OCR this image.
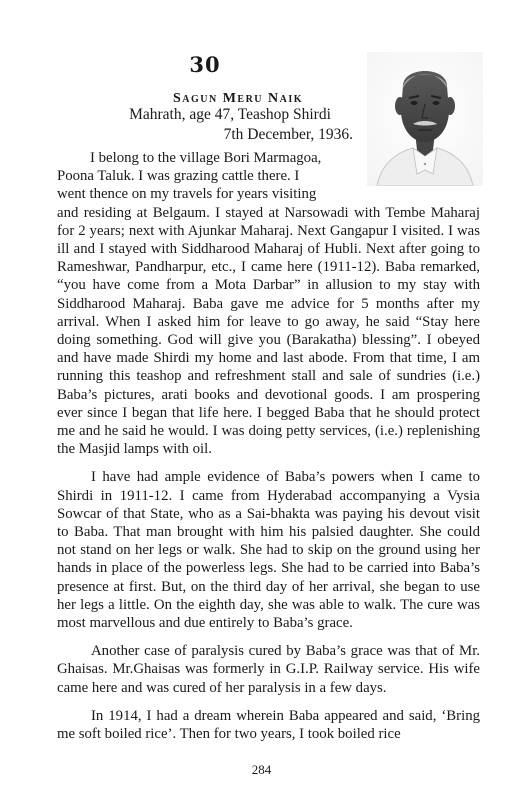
30
Sagun Meru Naik
Mahrath, age 47, Teashop Shirdi
7th December, 1936.

I belong to the village Bori Marmagoa,
Poona Taluk. I was grazing cattle there. I
went thence on my travels for years visiting

and residing at Belgaum. I stayed at Narsowadi with Tembe Maharaj for 2 years; next with Ajunkar Maharaj. Next Gangapur I visited. I was ill and I stayed with Siddharood Maharaj of Hubli. Next after going to Rameshwar, Pandharpur, etc., I came here (1911-12). Baba remarked, “you have come from a Mota Darbar” in allusion to my stay with Siddharood Maharaj. Baba gave me advice for 5 months after my arrival. When I asked him for leave to go away, he said “Stay here doing something. God will give you (Barakatha) blessing”. I obeyed and have made Shirdi my home and last abode. From that time, I am running this teashop and refreshment stall and sale of sundries (i.e.) Baba’s pictures, arati books and devotional goods. I am prospering ever since I began that life here. I begged Baba that he should protect me and he said he would. I was doing petty services, (i.e.) replenishing the Masjid lamps with oil.

I have had ample evidence of Baba’s powers when I came to Shirdi in 1911-12. I came from Hyderabad accompanying a Vysia Sowcar of that State, who as a Sai-bhakta was paying his devout visit to Baba. That man brought with him his palsied daughter. She could not stand on her legs or walk. She had to skip on the ground using her hands in place of the powerless legs. She had to be carried into Baba’s presence at first. But, on the third day of her arrival, she began to use her legs a little. On the eighth day, she was able to walk. The cure was most marvellous and due entirely to Baba’s grace.

Another case of paralysis cured by Baba’s grace was that of Mr. Ghaisas. Mr.Ghaisas was formerly in G.I.P. Railway service. His wife came here and was cured of her paralysis in a few days.

In 1914, I had a dream wherein Baba appeared and said, ‘Bring me soft boiled rice’. Then for two years, I took boiled rice

284
